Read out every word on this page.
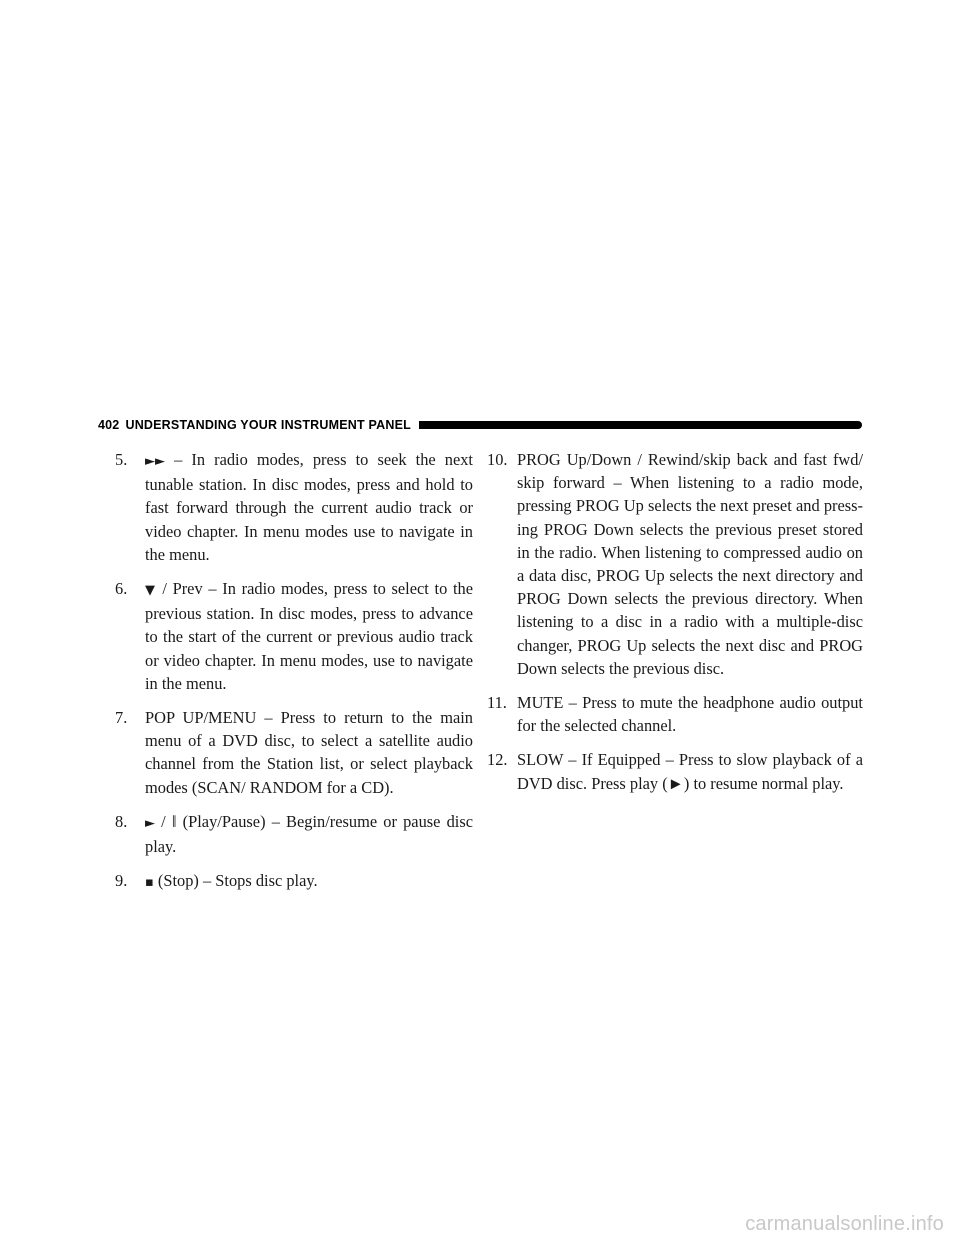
402 UNDERSTANDING YOUR INSTRUMENT PANEL
5. ►► – In radio modes, press to seek the next tunable station. In disc modes, press and hold to fast forward through the current audio track or video chapter. In menu modes use to navigate in the menu.
6. ▼ / Prev – In radio modes, press to select to the previous station. In disc modes, press to advance to the start of the current or previous audio track or video chapter. In menu modes, use to navigate in the menu.
7. POP UP/MENU – Press to return to the main menu of a DVD disc, to select a satellite audio channel from the Station list, or select playback modes (SCAN/ RANDOM for a CD).
8. ► / ‖ (Play/Pause) – Begin/resume or pause disc play.
9. ▪ (Stop) – Stops disc play.
10. PROG Up/Down / Rewind/skip back and fast fwd/ skip forward – When listening to a radio mode, pressing PROG Up selects the next preset and press- ing PROG Down selects the previous preset stored in the radio. When listening to compressed audio on a data disc, PROG Up selects the next directory and PROG Down selects the previous directory. When listening to a disc in a radio with a multiple-disc changer, PROG Up selects the next disc and PROG Down selects the previous disc.
11. MUTE – Press to mute the headphone audio output for the selected channel.
12. SLOW – If Equipped – Press to slow playback of a DVD disc. Press play (►) to resume normal play.
carmanualsonline.info
